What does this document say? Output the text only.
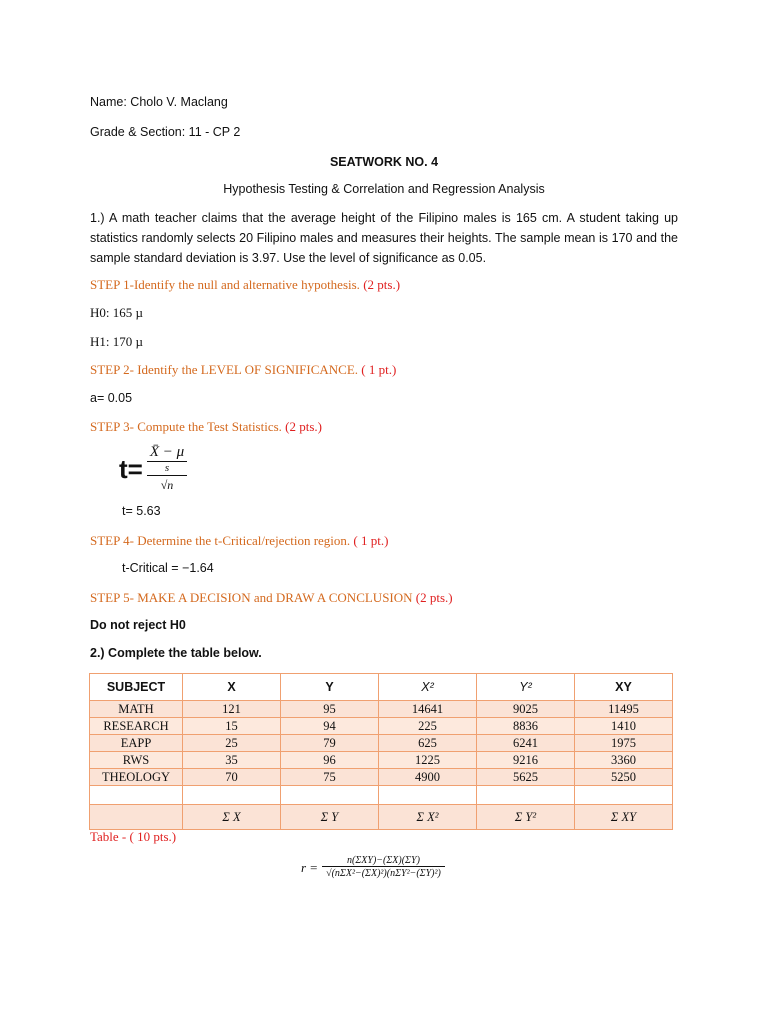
Name: Cholo V. Maclang
Grade & Section: 11 - CP 2
SEATWORK NO. 4
Hypothesis Testing & Correlation and Regression Analysis
1.) A math teacher claims that the average height of the Filipino males is 165 cm. A student taking up statistics randomly selects 20 Filipino males and measures their heights. The sample mean is 170 and the sample standard deviation is 3.97. Use the level of significance as 0.05.
STEP 1-Identify the null and alternative hypothesis. (2 pts.)
H0: 165 µ
H1: 170 µ
STEP 2- Identify the LEVEL OF SIGNIFICANCE. ( 1 pt.)
a= 0.05
STEP 3- Compute the Test Statistics. (2 pts.)
t=	X̄ − μ
s
√n
t= 5.63
STEP 4- Determine the t-Critical/rejection region. ( 1 pt.)
t-Critical = −1.64
STEP 5- MAKE A DECISION and DRAW A CONCLUSION (2 pts.)
Do not reject H0
2.) Complete the table below.
SUBJECT	X	Y	X²	Y²	XY
MATH	121	95	14641	9025	11495
RESEARCH	15	94	225	8836	1410
EAPP	25	79	625	6241	1975
RWS	35	96	1225	9216	3360
THEOLOGY	70	75	4900	5625	5250

	Σ X	Σ Y	Σ X²	Σ Y²	Σ XY
Table - ( 10 pts.)
r =	n(ΣXY)−(ΣX)(ΣY)
√(nΣX²−(ΣX)²)(nΣY²−(ΣY)²)
